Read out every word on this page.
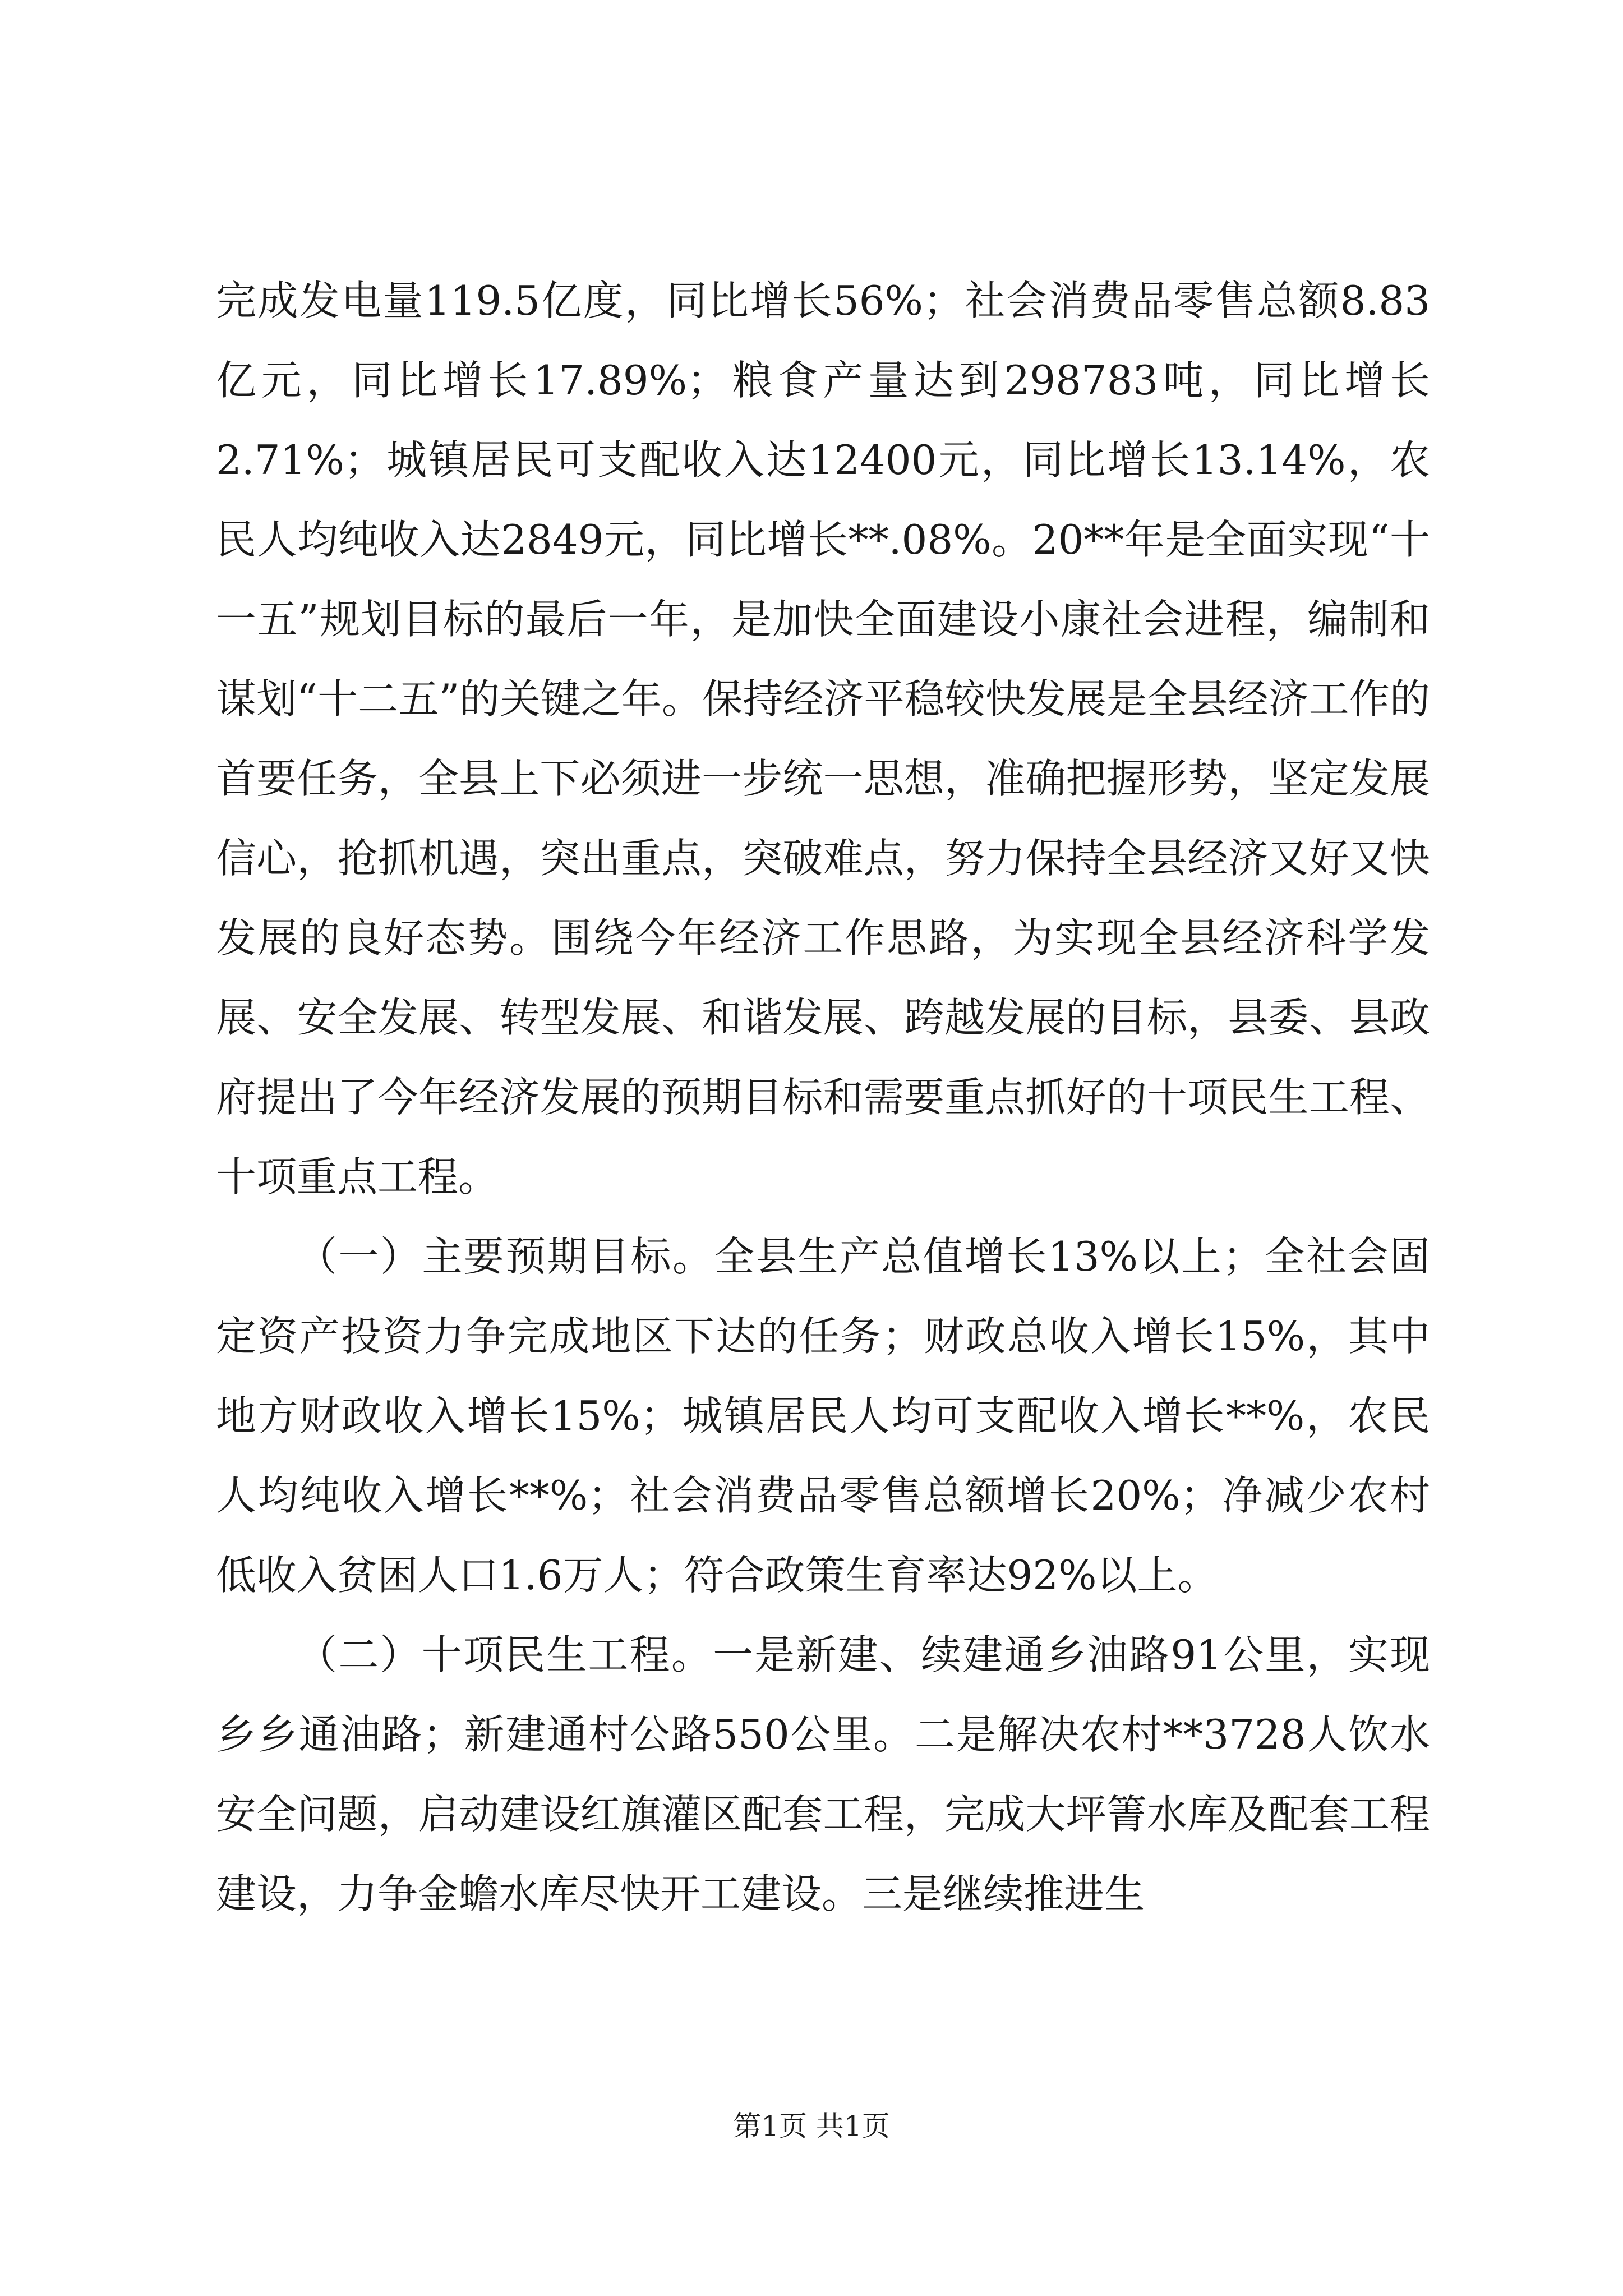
完成发电量119.5亿度，同比增长56%；社会消费品零售总额8.83亿元，同比增长17.89%；粮食产量达到298783吨，同比增长2.71%；城镇居民可支配收入达12400元，同比增长13.14%，农民人均纯收入达2849元，同比增长**.08%。20**年是全面实现“十一五”规划目标的最后一年，是加快全面建设小康社会进程，编制和谋划“十二五”的关键之年。保持经济平稳较快发展是全县经济工作的首要任务，全县上下必须进一步统一思想，准确把握形势，坚定发展信心，抢抓机遇，突出重点，突破难点，努力保持全县经济又好又快发展的良好态势。围绕今年经济工作思路，为实现全县经济科学发展、安全发展、转型发展、和谐发展、跨越发展的目标，县委、县政府提出了今年经济发展的预期目标和需要重点抓好的十项民生工程、十项重点工程。

（一）主要预期目标。全县生产总值增长13%以上；全社会固定资产投资力争完成地区下达的任务；财政总收入增长15%，其中地方财政收入增长15%；城镇居民人均可支配收入增长**%，农民人均纯收入增长**%；社会消费品零售总额增长20%；净减少农村低收入贫困人口1.6万人；符合政策生育率达92%以上。

（二）十项民生工程。一是新建、续建通乡油路91公里，实现乡乡通油路；新建通村公路550公里。二是解决农村**3728人饮水安全问题，启动建设红旗灌区配套工程，完成大坪箐水库及配套工程建设，力争金蟾水库尽快开工建设。三是继续推进生

第1页 共1页
